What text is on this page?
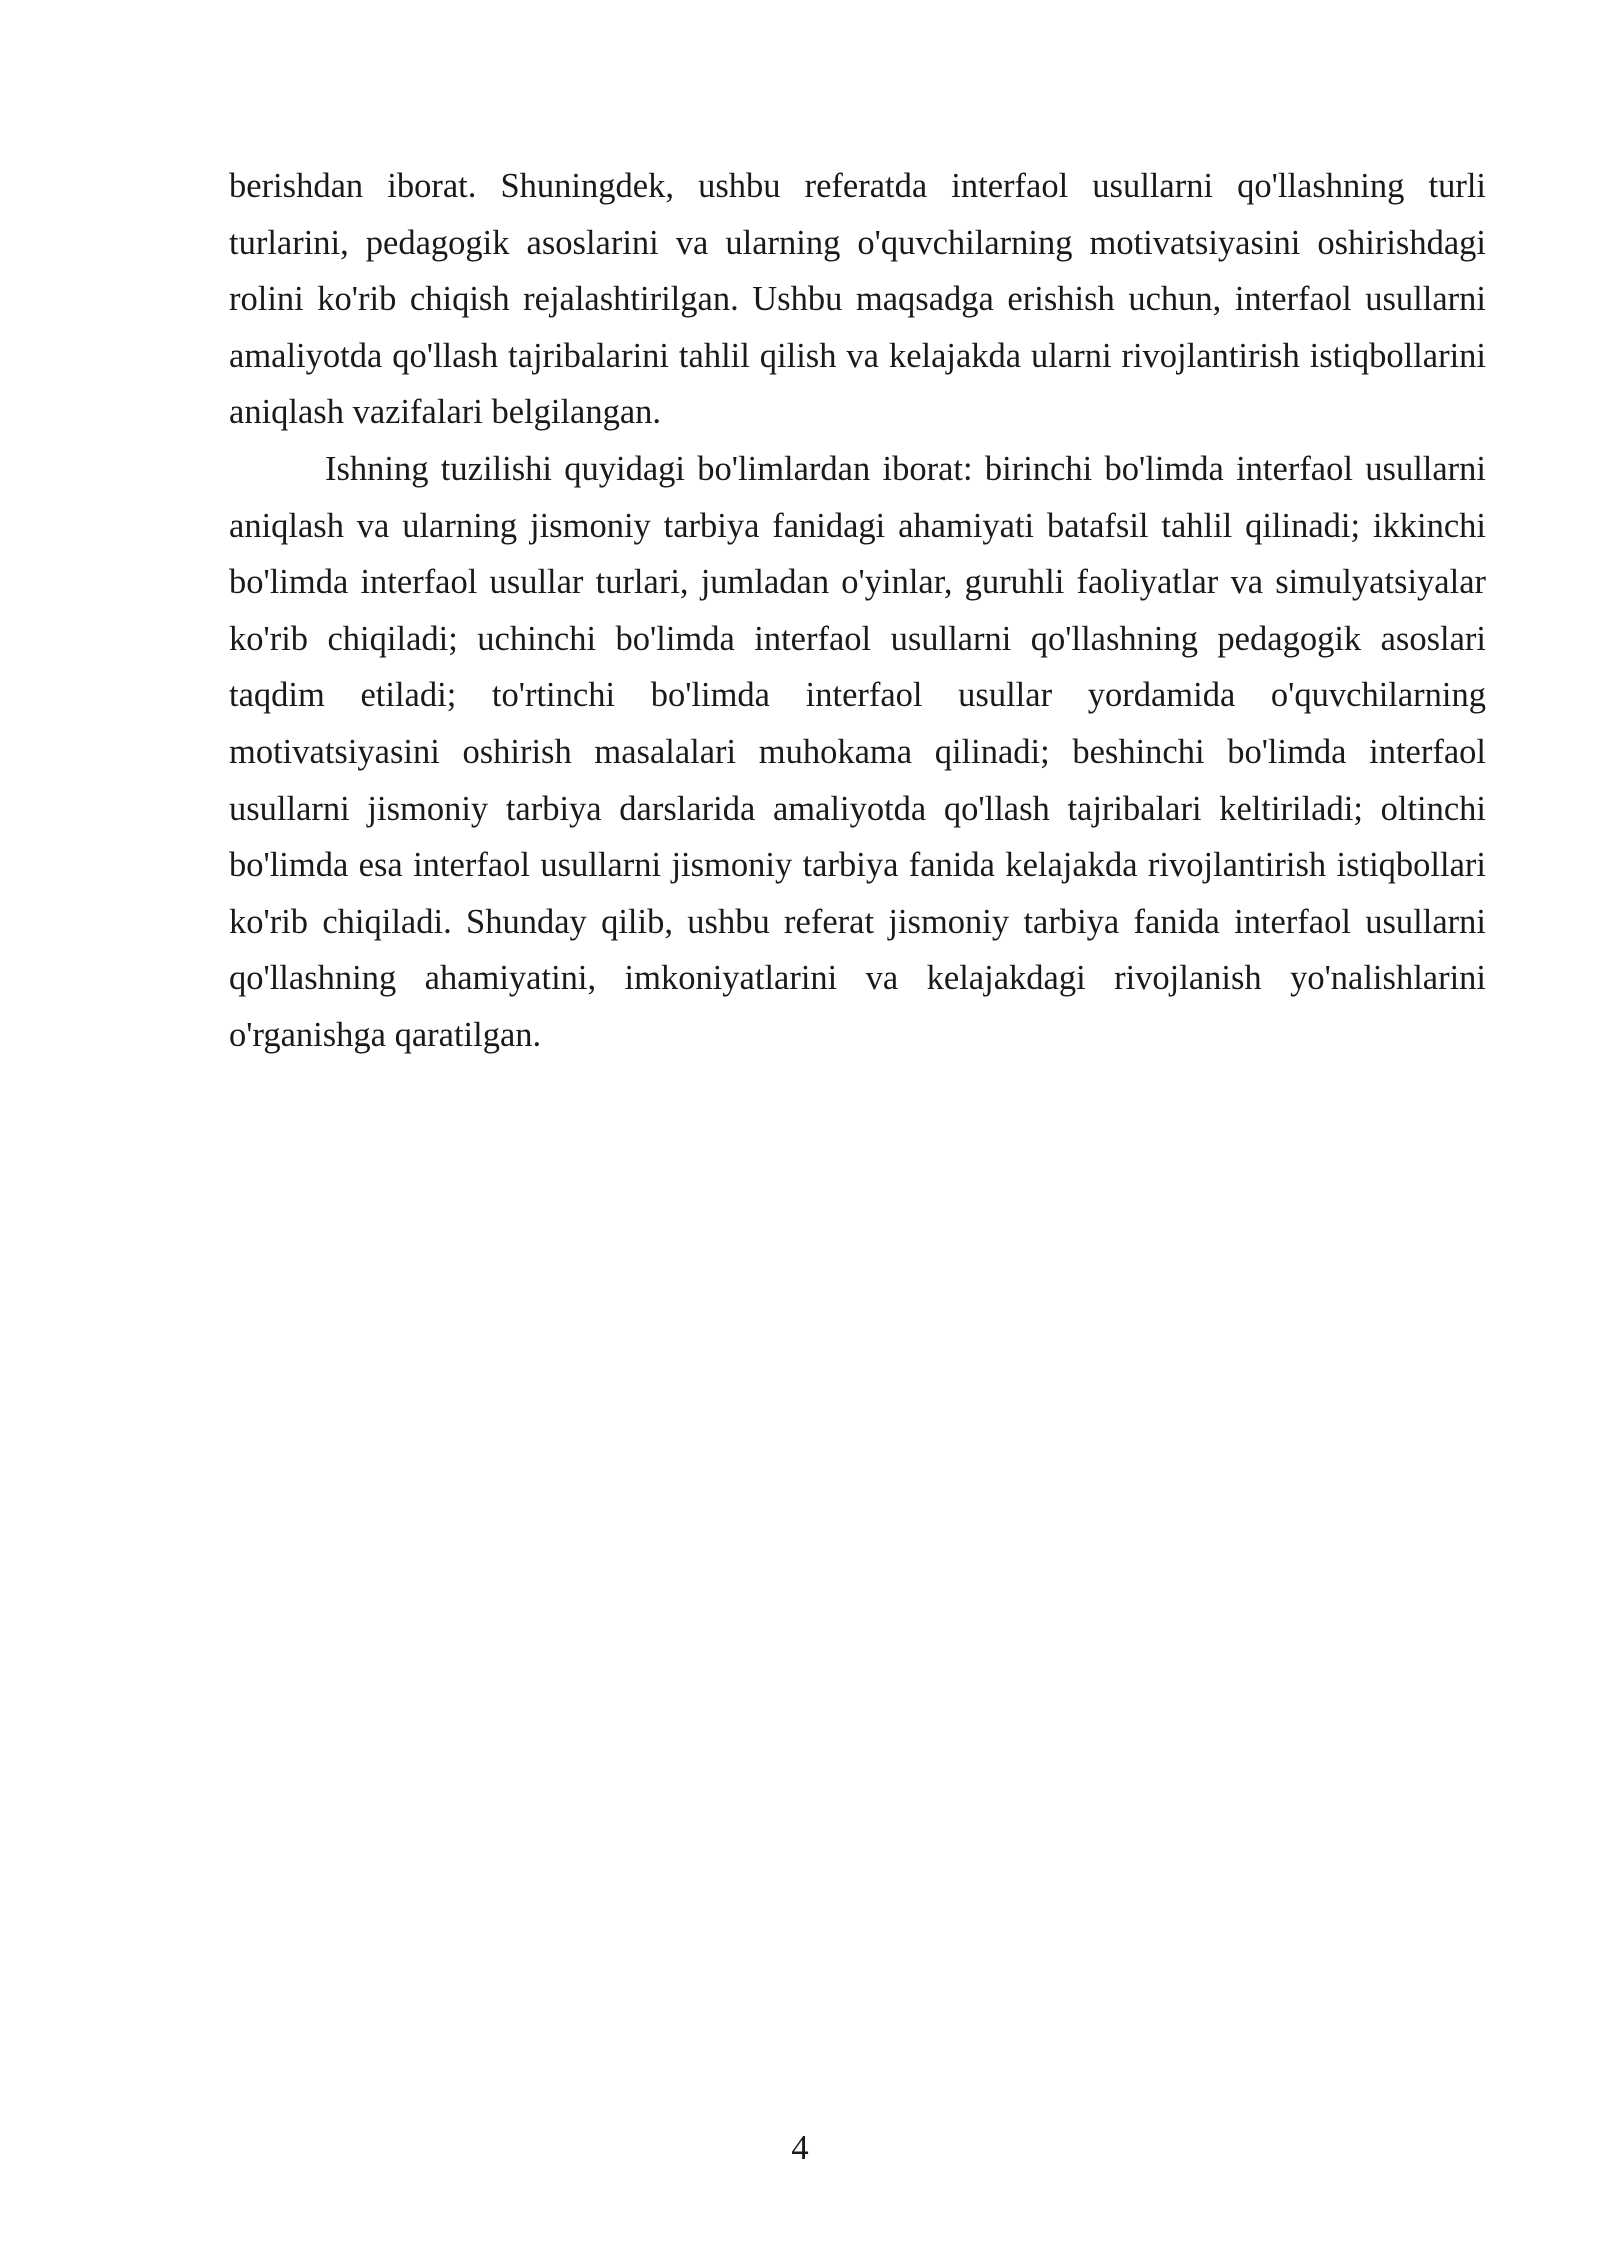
berishdan iborat. Shuningdek, ushbu referatda interfaol usullarni qo'llashning turli turlarini, pedagogik asoslarini va ularning o'quvchilarning motivatsiyasini oshirishdagi rolini ko'rib chiqish rejalashtirilgan. Ushbu maqsadga erishish uchun, interfaol usullarni amaliyotda qo'llash tajribalarini tahlil qilish va kelajakda ularni rivojlantirish istiqbollarini aniqlash vazifalari belgilangan.

Ishning tuzilishi quyidagi bo'limlardan iborat: birinchi bo'limda interfaol usullarni aniqlash va ularning jismoniy tarbiya fanidagi ahamiyati batafsil tahlil qilinadi; ikkinchi bo'limda interfaol usullar turlari, jumladan o'yinlar, guruhli faoliyatlar va simulyatsiyalar ko'rib chiqiladi; uchinchi bo'limda interfaol usullarni qo'llashning pedagogik asoslari taqdim etiladi; to'rtinchi bo'limda interfaol usullar yordamida o'quvchilarning motivatsiyasini oshirish masalalari muhokama qilinadi; beshinchi bo'limda interfaol usullarni jismoniy tarbiya darslarida amaliyotda qo'llash tajribalari keltiriladi; oltinchi bo'limda esa interfaol usullarni jismoniy tarbiya fanida kelajakda rivojlantirish istiqbollari ko'rib chiqiladi. Shunday qilib, ushbu referat jismoniy tarbiya fanida interfaol usullarni qo'llashning ahamiyatini, imkoniyatlarini va kelajakdagi rivojlanish yo'nalishlarini o'rganishga qaratilgan.

4
